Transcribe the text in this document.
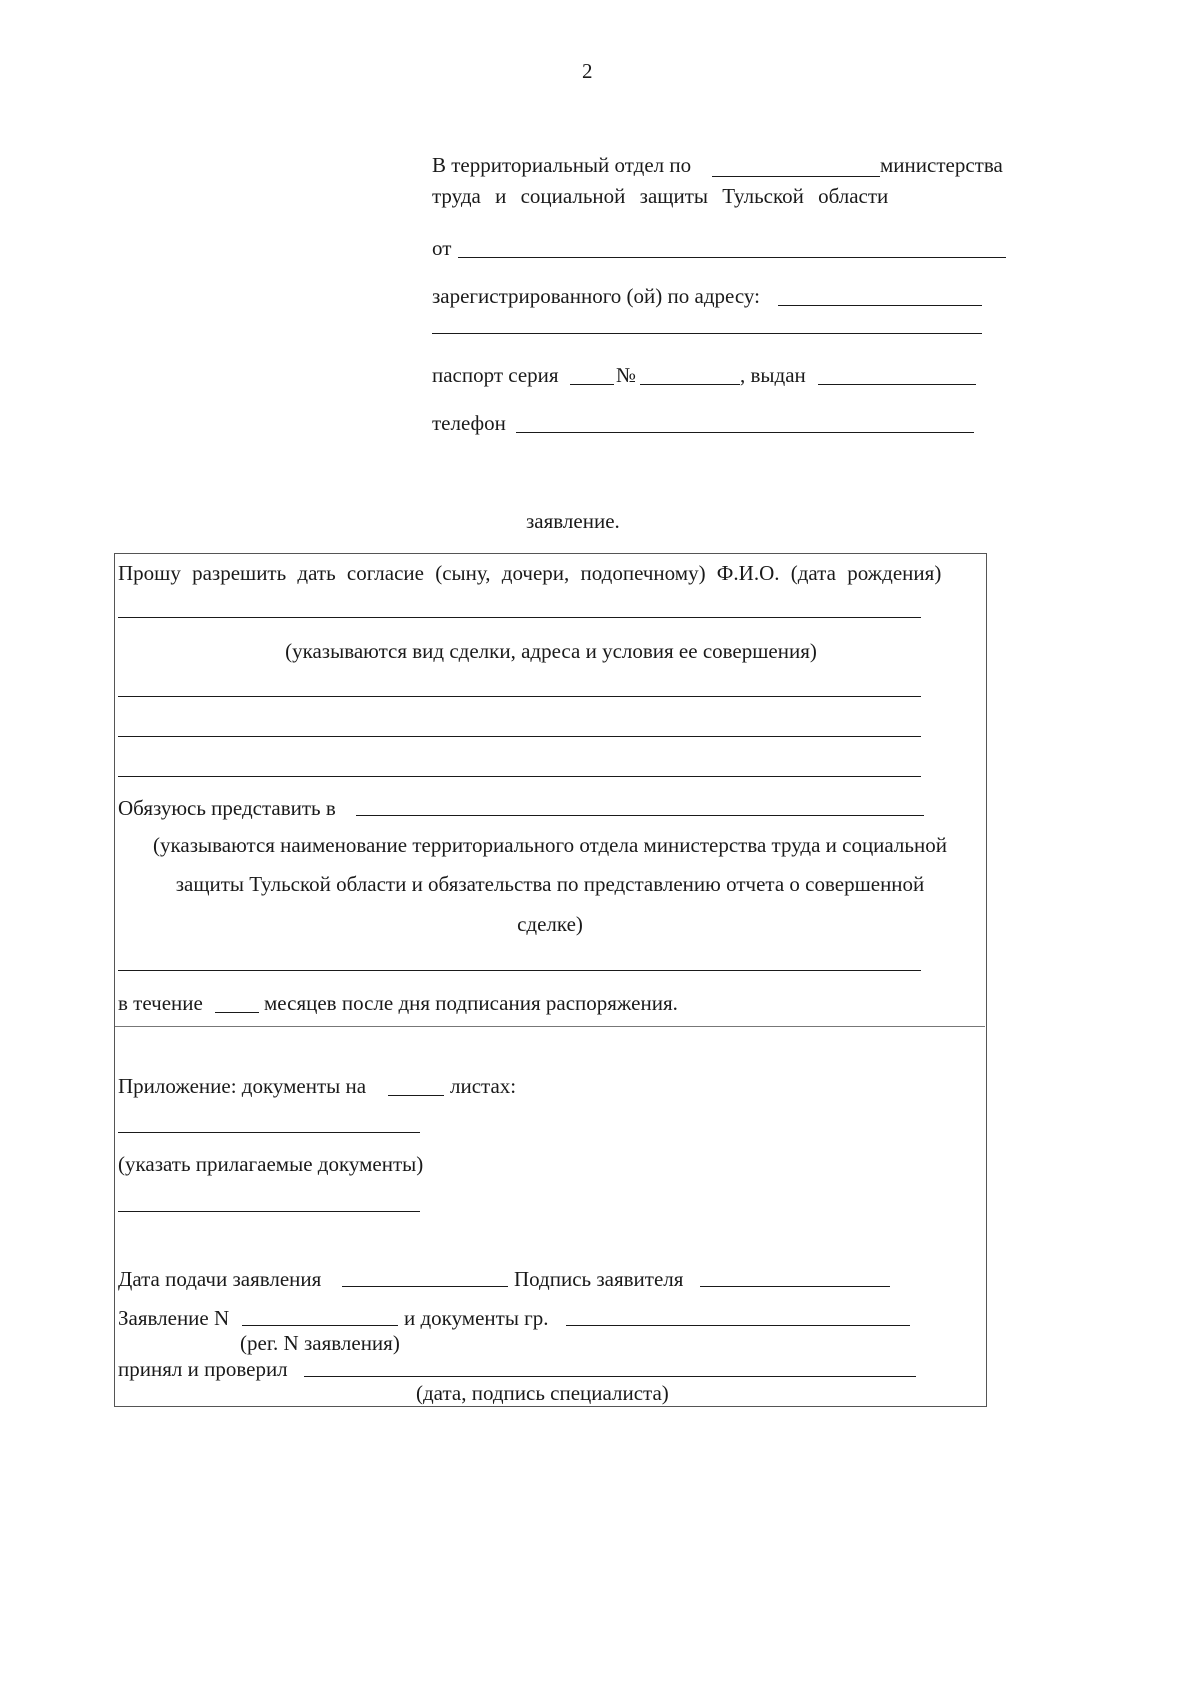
2
В территориальный отдел по	министерства
труда и социальной защиты Тульской области
от
зарегистрированного (ой) по адресу:
паспорт серия	№	, выдан
телефон
заявление.
Прошу разрешить дать согласие (сыну, дочери, подопечному) Ф.И.О. (дата рождения)
(указываются вид сделки, адреса и условия ее совершения)
Обязуюсь представить в
(указываются наименование территориального отдела министерства труда и социальной
защиты Тульской области и обязательства по представлению отчета о совершенной
сделке)
в течение	месяцев после дня подписания распоряжения.
Приложение: документы на	листах:
(указать прилагаемые документы)
Дата подачи заявления	Подпись заявителя
Заявление N	и документы гр.
(рег. N заявления)
принял и проверил
(дата, подпись специалиста)
